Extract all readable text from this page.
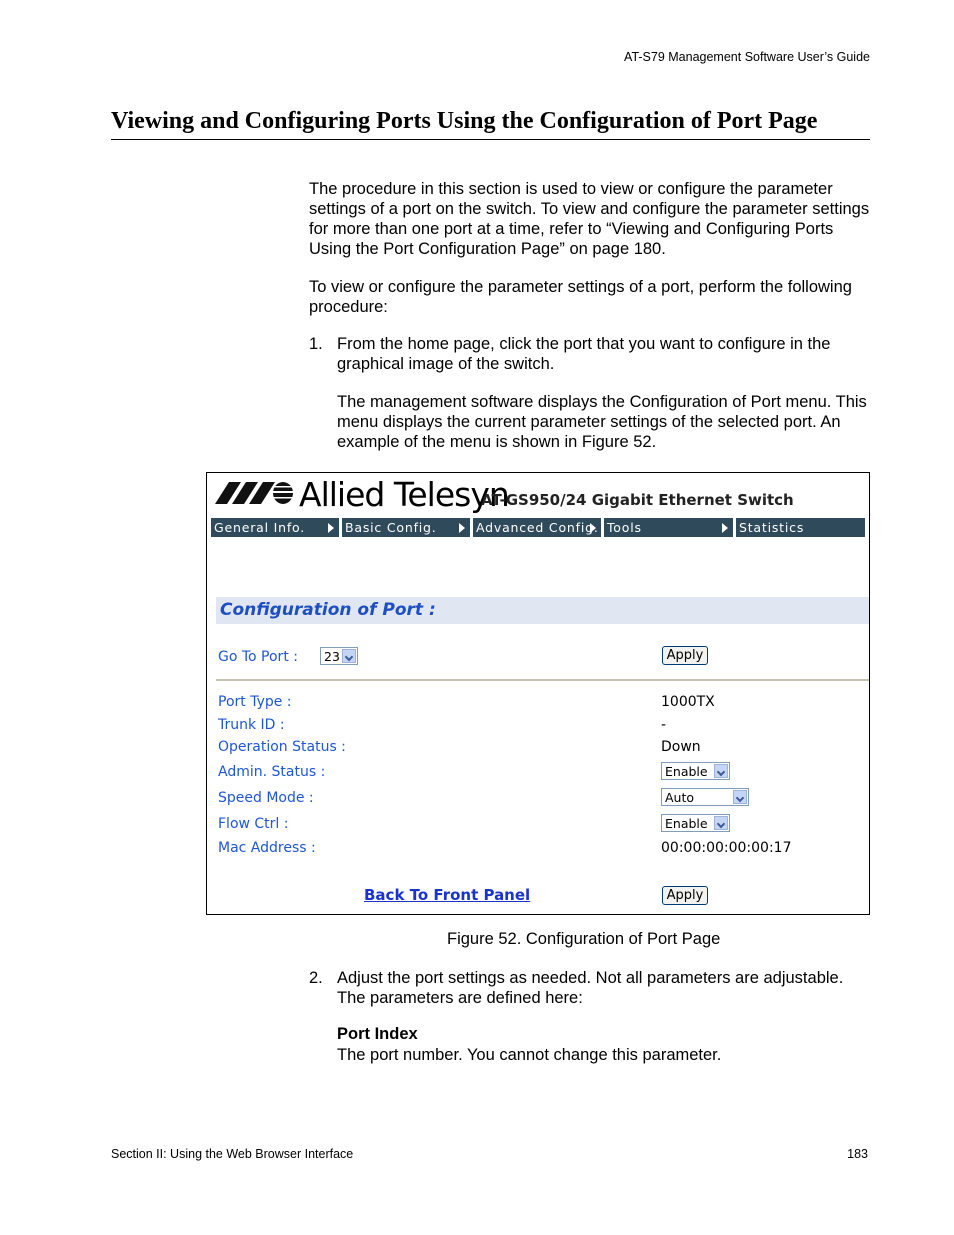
AT-S79 Management Software User’s Guide
Viewing and Configuring Ports Using the Configuration of Port Page
The procedure in this section is used to view or configure the parameter settings of a port on the switch. To view and configure the parameter settings for more than one port at a time, refer to “Viewing and Configuring Ports Using the Port Configuration Page” on page 180.
To view or configure the parameter settings of a port, perform the following procedure:
1. From the home page, click the port that you want to configure in the graphical image of the switch.
The management software displays the Configuration of Port menu. This menu displays the current parameter settings of the selected port. An example of the menu is shown in Figure 52.
Allied Telesyn
AT-GS950/24 Gigabit Ethernet Switch
General Info.	Basic Config.	Advanced Config. Tools	Statistics
Configuration of Port :
Go To Port :	23	Apply
Port Type :	1000TX
Trunk ID :	-
Operation Status :	Down
Admin. Status :	Enable
Speed Mode :	Auto
Flow Ctrl :	Enable
Mac Address :	00:00:00:00:00:17
Back To Front Panel	Apply
Figure 52. Configuration of Port Page
2. Adjust the port settings as needed. Not all parameters are adjustable. The parameters are defined here:
Port Index
The port number. You cannot change this parameter.
Section II: Using the Web Browser Interface	183
